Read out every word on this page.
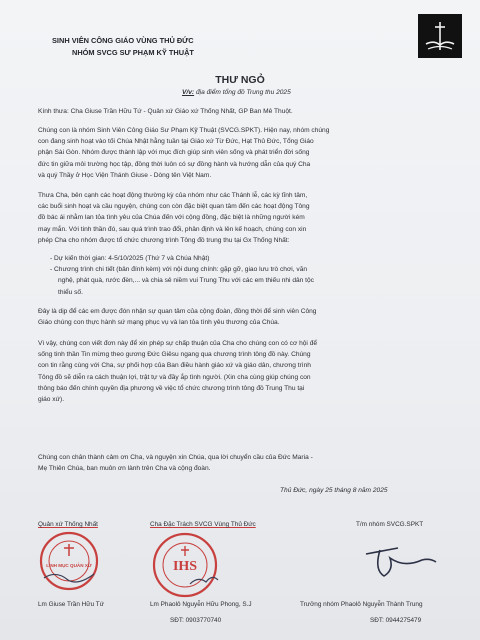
SINH VIÊN CÔNG GIÁO VÙNG THỦ ĐỨC
NHÓM SVCG SƯ PHẠM KỸ THUẬT
THƯ NGỎ
V/v: địa điểm tổng đồ Trung thu 2025
Kính thưa: Cha Giuse Trần Hữu Tứ - Quản xứ Giáo xứ Thống Nhất, GP Ban Mê Thuột.
Chúng con là nhóm Sinh Viên Công Giáo Sư Phạm Kỹ Thuật (SVCG.SPKT). Hiện nay, nhóm chúng
con đang sinh hoạt vào tối Chúa Nhật hằng tuần tại Giáo xứ Từ Đức, Hạt Thủ Đức, Tổng Giáo
phận Sài Gòn. Nhóm được thành lập với mục đích giúp sinh viên sống và phát triển đời sống
đức tin giữa môi trường học tập, đồng thời luôn có sự đồng hành và hướng dẫn của quý Cha
và quý Thầy ở Học Viện Thánh Giuse - Dòng tên Việt Nam.
Thưa Cha, bên cạnh các hoạt động thường kỳ của nhóm như các Thánh lễ, các kỳ tĩnh tâm,
các buổi sinh hoạt và cầu nguyện, chúng con còn đặc biệt quan tâm đến các hoạt động Tông
đồ bác ái nhằm lan tỏa tình yêu của Chúa đến với cộng đồng, đặc biệt là những người kém
may mắn. Với tinh thần đó, sau quá trình trao đổi, phân định và lên kế hoạch, chúng con xin
phép Cha cho nhóm được tổ chức chương trình Tông đồ trung thu tại Gx Thống Nhất:
- Dự kiến thời gian: 4-5/10/2025 (Thứ 7 và Chúa Nhật)
- Chương trình chi tiết (bản đính kèm) với nội dung chính: gặp gỡ, giao lưu trò chơi, văn
nghệ, phát quà, rước đèn,... và chia sẻ niềm vui Trung Thu với các em thiếu nhi dân tộc
thiểu số.
Đây là dịp để các em được đón nhận sự quan tâm của cộng đoàn, đồng thời để sinh viên Công
Giáo chúng con thực hành sứ mạng phục vụ và lan tỏa tình yêu thương của Chúa.
Vì vậy, chúng con viết đơn này để xin phép sự chấp thuận của Cha cho chúng con có cơ hội để
sống tinh thần Tin mừng theo gương Đức Giêsu ngang qua chương trình tông đồ này. Chúng
con tin rằng cùng với Cha, sự phối hợp của Ban điều hành giáo xứ và giáo dân, chương trình
Tông đồ sẽ diễn ra cách thuận lợi, trật tự và đầy ắp tình người. (Xin cha cùng giúp chúng con
thông báo đến chính quyền địa phương về việc tổ chức chương trình tông đồ Trung Thu tại
giáo xứ).
Chúng con chân thành cảm ơn Cha, và nguyện xin Chúa, qua lời chuyển cầu của Đức Maria -
Mẹ Thiên Chúa, ban muôn ơn lành trên Cha và cộng đoàn.
Thủ Đức, ngày 25 tháng 8 năm 2025
Quản xứ Thống Nhất	Cha Đặc Trách SVCG Vùng Thủ Đức	T/m nhóm SVCG.SPKT
LINH MỤC QUẢN XỨ	IHS
Lm Giuse Trần Hữu Tứ	Lm Phaolô Nguyễn Hữu Phong, S.J	Trưởng nhóm Phaolô Nguyễn Thành Trung
SĐT: 0903770740	SĐT: 0944275479
